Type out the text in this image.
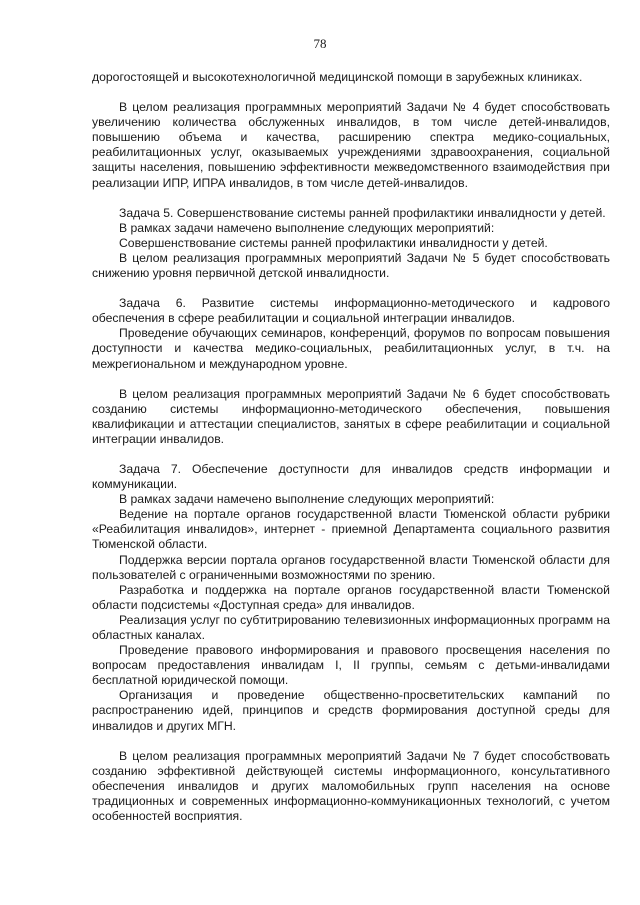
78

дорогостоящей и высокотехнологичной медицинской помощи в зарубежных клиниках.

В целом реализация программных мероприятий Задачи № 4 будет способствовать увеличению количества обслуженных инвалидов, в том числе детей-инвалидов, повышению объема и качества, расширению спектра медико-социальных, реабилитационных услуг, оказываемых учреждениями здравоохранения, социальной защиты населения, повышению эффективности межведомственного взаимодействия при реализации ИПР, ИПРА инвалидов, в том числе детей-инвалидов.

Задача 5. Совершенствование системы ранней профилактики инвалидности у детей.

В рамках задачи намечено выполнение следующих мероприятий:

Совершенствование системы ранней профилактики инвалидности у детей.

В целом реализация программных мероприятий Задачи № 5 будет способствовать снижению уровня первичной детской инвалидности.

Задача 6. Развитие системы информационно-методического и кадрового обеспечения в сфере реабилитации и социальной интеграции инвалидов.

Проведение обучающих семинаров, конференций, форумов по вопросам повышения доступности и качества медико-социальных, реабилитационных услуг, в т.ч. на межрегиональном и международном уровне.

В целом реализация программных мероприятий Задачи № 6 будет способствовать созданию системы информационно-методического обеспечения, повышения квалификации и аттестации специалистов, занятых в сфере реабилитации и социальной интеграции инвалидов.

Задача 7. Обеспечение доступности для инвалидов средств информации и коммуникации.

В рамках задачи намечено выполнение следующих мероприятий:

Ведение на портале органов государственной власти Тюменской области рубрики «Реабилитация инвалидов», интернет - приемной Департамента социального развития Тюменской области.

Поддержка версии портала органов государственной власти Тюменской области для пользователей с ограниченными возможностями по зрению.

Разработка и поддержка на портале органов государственной власти Тюменской области подсистемы «Доступная среда» для инвалидов.

Реализация услуг по субтитрированию телевизионных информационных программ на областных каналах.

Проведение правового информирования и правового просвещения населения по вопросам предоставления инвалидам I, II группы, семьям с детьми-инвалидами бесплатной юридической помощи.

Организация и проведение общественно-просветительских кампаний по распространению идей, принципов и средств формирования доступной среды для инвалидов и других МГН.

В целом реализация программных мероприятий Задачи № 7 будет способствовать созданию эффективной действующей системы информационного, консультативного обеспечения инвалидов и других маломобильных групп населения на основе традиционных и современных информационно-коммуникационных технологий, с учетом особенностей восприятия.
